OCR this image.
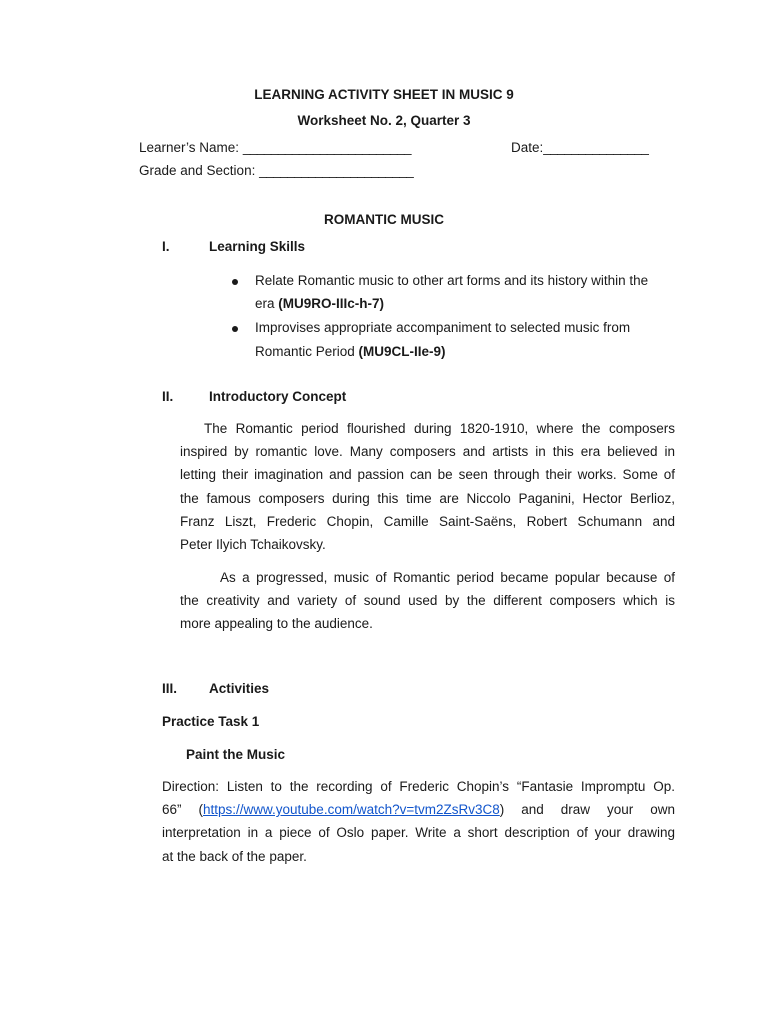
LEARNING ACTIVITY SHEET IN MUSIC 9
Worksheet No. 2, Quarter 3
Learner’s Name: ________________________	Date:_______________
Grade and Section: ______________________
ROMANTIC MUSIC
I.	Learning Skills
Relate Romantic music to other art forms and its history within the
era (MU9RO-IIIc-h-7)
Improvises appropriate accompaniment to selected music from
Romantic Period (MU9CL-IIe-9)
II.	Introductory Concept
The Romantic period flourished during 1820-1910, where the composers
inspired by romantic love. Many composers and artists in this era believed in
letting their imagination and passion can be seen through their works. Some of
the famous composers during this time are Niccolo Paganini, Hector Berlioz,
Franz Liszt, Frederic Chopin, Camille Saint-Saëns, Robert Schumann and
Peter Ilyich Tchaikovsky.
As a progressed, music of Romantic period became popular because of
the creativity and variety of sound used by the different composers which is
more appealing to the audience.
III. Activities
Practice Task 1
Paint the Music
Direction: Listen to the recording of Frederic Chopin’s “Fantasie Impromptu Op.
66” (https://www.youtube.com/watch?v=tvm2ZsRv3C8) and draw your own
interpretation in a piece of Oslo paper. Write a short description of your drawing
at the back of the paper.
